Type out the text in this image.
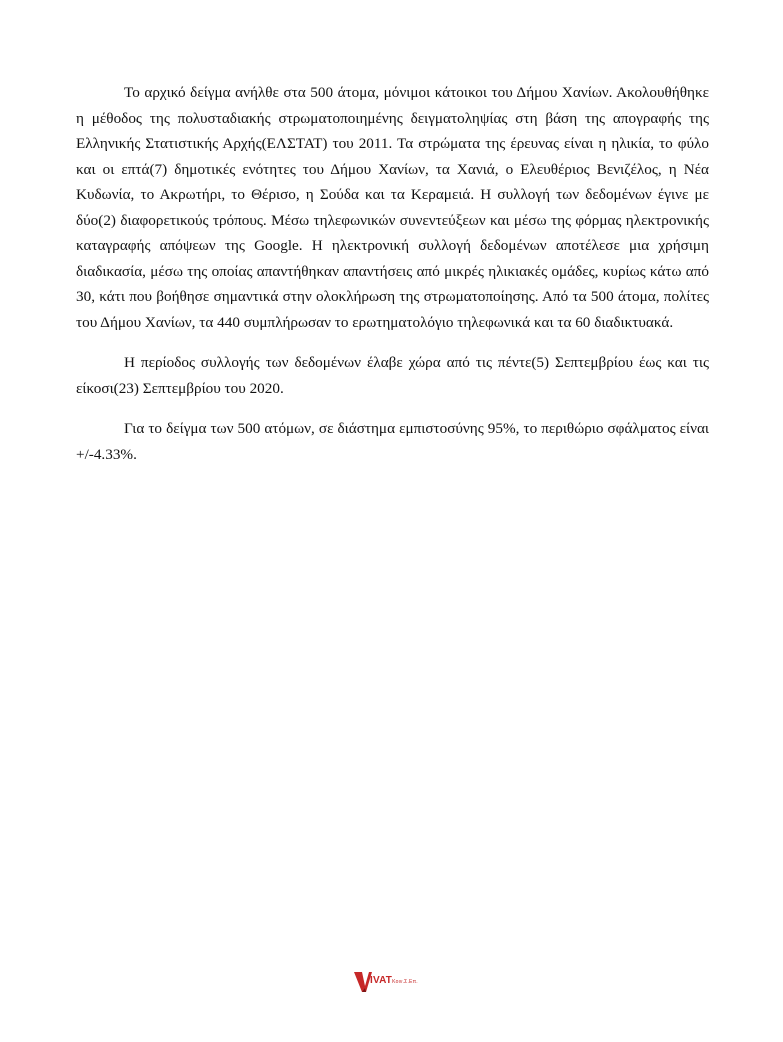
Το αρχικό δείγμα ανήλθε στα 500 άτομα, μόνιμοι κάτοικοι του Δήμου Χανίων. Ακολουθήθηκε η μέθοδος της πολυσταδιακής στρωματοποιημένης δειγματοληψίας στη βάση της απογραφής της Ελληνικής Στατιστικής Αρχής(ΕΛΣΤΑΤ) του 2011. Τα στρώματα της έρευνας είναι η ηλικία, το φύλο και οι επτά(7) δημοτικές ενότητες του Δήμου Χανίων, τα Χανιά, ο Ελευθέριος Βενιζέλος, η Νέα Κυδωνία, το Ακρωτήρι, το Θέρισο, η Σούδα και τα Κεραμειά. Η συλλογή των δεδομένων έγινε με δύο(2) διαφορετικούς τρόπους. Μέσω τηλεφωνικών συνεντεύξεων και μέσω της φόρμας ηλεκτρονικής καταγραφής απόψεων της Google. Η ηλεκτρονική συλλογή δεδομένων αποτέλεσε μια χρήσιμη διαδικασία, μέσω της οποίας απαντήθηκαν απαντήσεις από μικρές ηλικιακές ομάδες, κυρίως κάτω από 30, κάτι που βοήθησε σημαντικά στην ολοκλήρωση της στρωματοποίησης. Από τα 500 άτομα, πολίτες του Δήμου Χανίων, τα 440 συμπλήρωσαν το ερωτηματολόγιο τηλεφωνικά και τα 60 διαδικτυακά.

Η περίοδος συλλογής των δεδομένων έλαβε χώρα από τις πέντε(5) Σεπτεμβρίου έως και τις είκοσι(23) Σεπτεμβρίου του 2020.

Για το δείγμα των 500 ατόμων, σε διάστημα εμπιστοσύνης 95%, το περιθώριο σφάλματος είναι +/-4.33%.

IVATΚοιν.Σ.Επ.
